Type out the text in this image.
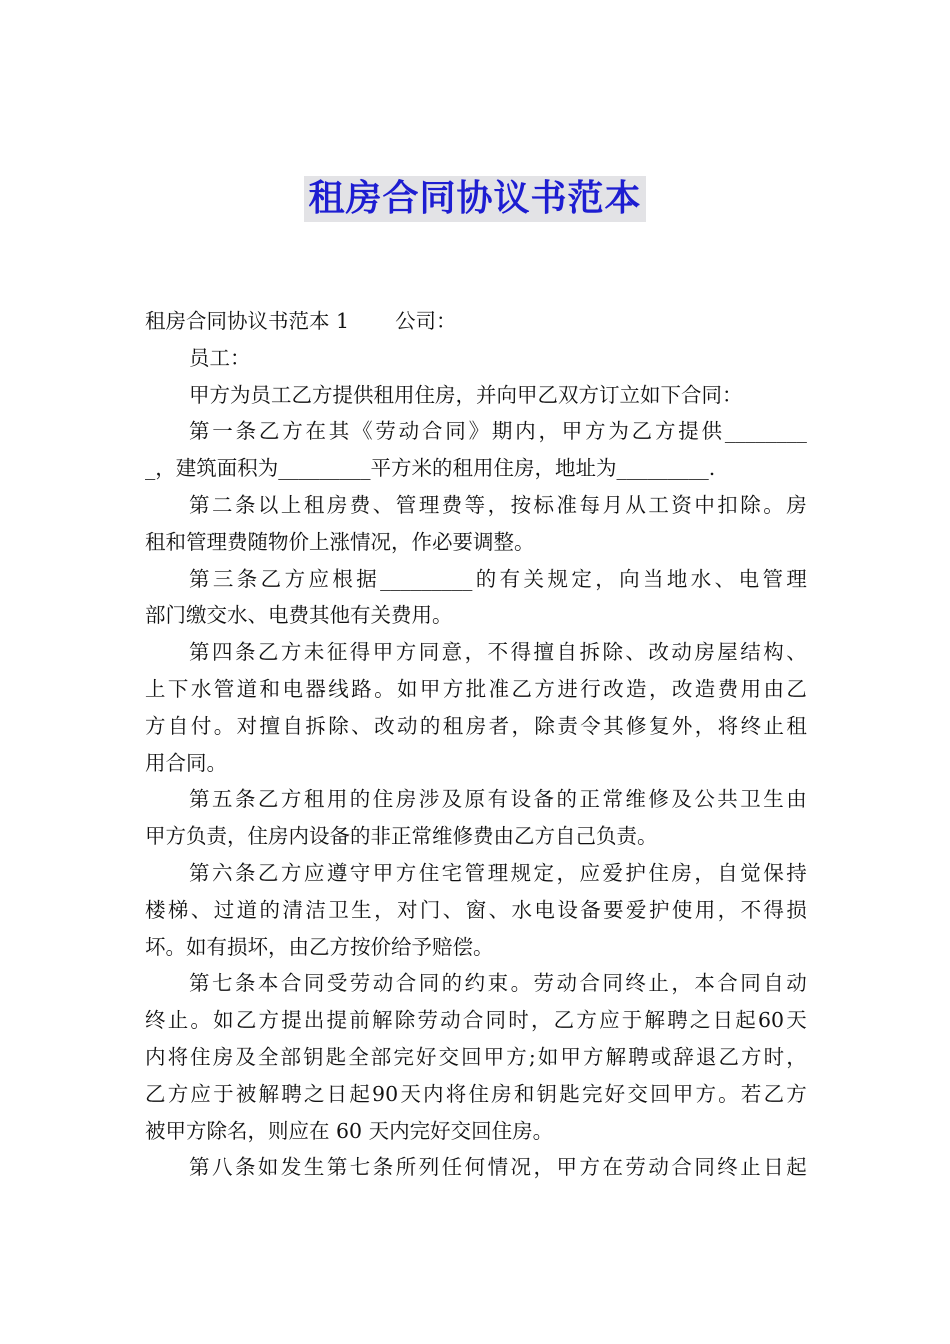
租房合同协议书范本
租房合同协议书范本 1 公司：
员工：
甲方为员工乙方提供租用住房，并向甲乙双方订立如下合同：
第 一 条 乙 方 在 其 《 劳 动 合 同 》 期 内 ， 甲 方 为 乙 方 提 供 ________
_，建筑面积为_________平方米的租用住房，地址为_________.
第 二 条 以 上 租 房 费 、 管 理 费 等 ， 按 标 准 每 月 从 工 资 中 扣 除 。 房
租和管理费随物价上涨情况，作必要调整。
第 三 条 乙 方 应 根 据 _________ 的 有 关 规 定 ， 向 当 地 水 、 电 管 理
部门缴交水、电费其他有关费用。
第 四 条 乙 方 未 征 得 甲 方 同 意 ， 不 得 擅 自 拆 除 、 改 动 房 屋 结 构 、
上 下 水 管 道 和 电 器 线 路 。 如 甲 方 批 准 乙 方 进 行 改 造 ， 改 造 费 用 由 乙
方 自 付 。 对 擅 自 拆 除 、 改 动 的 租 房 者 ， 除 责 令 其 修 复 外 ， 将 终 止 租
用合同。
第 五 条 乙 方 租 用 的 住 房 涉 及 原 有 设 备 的 正 常 维 修 及 公 共 卫 生 由
甲方负责，住房内设备的非正常维修费由乙方自己负责。
第 六 条 乙 方 应 遵 守 甲 方 住 宅 管 理 规 定 ， 应 爱 护 住 房 ， 自 觉 保 持
楼 梯 、 过 道 的 清 洁 卫 生 ， 对 门 、 窗 、 水 电 设 备 要 爱 护 使 用 ， 不 得 损
坏。如有损坏，由乙方按价给予赔偿。
第 七 条 本 合 同 受 劳 动 合 同 的 约 束 。 劳 动 合 同 终 止 ， 本 合 同 自 动
终 止 。 如 乙 方 提 出 提 前 解 除 劳 动 合 同 时 ， 乙 方 应 于 解 聘 之 日 起 60 天
内 将 住 房 及 全 部 钥 匙 全 部 完 好 交 回 甲 方 ; 如 甲 方 解 聘 或 辞 退 乙 方 时 ，
乙 方 应 于 被 解 聘 之 日 起 90 天 内 将 住 房 和 钥 匙 完 好 交 回 甲 方 。 若 乙 方
被甲方除名，则应在 60 天内完好交回住房。
第 八 条 如 发 生 第 七 条 所 列 任 何 情 况 ， 甲 方 在 劳 动 合 同 终 止 日 起
